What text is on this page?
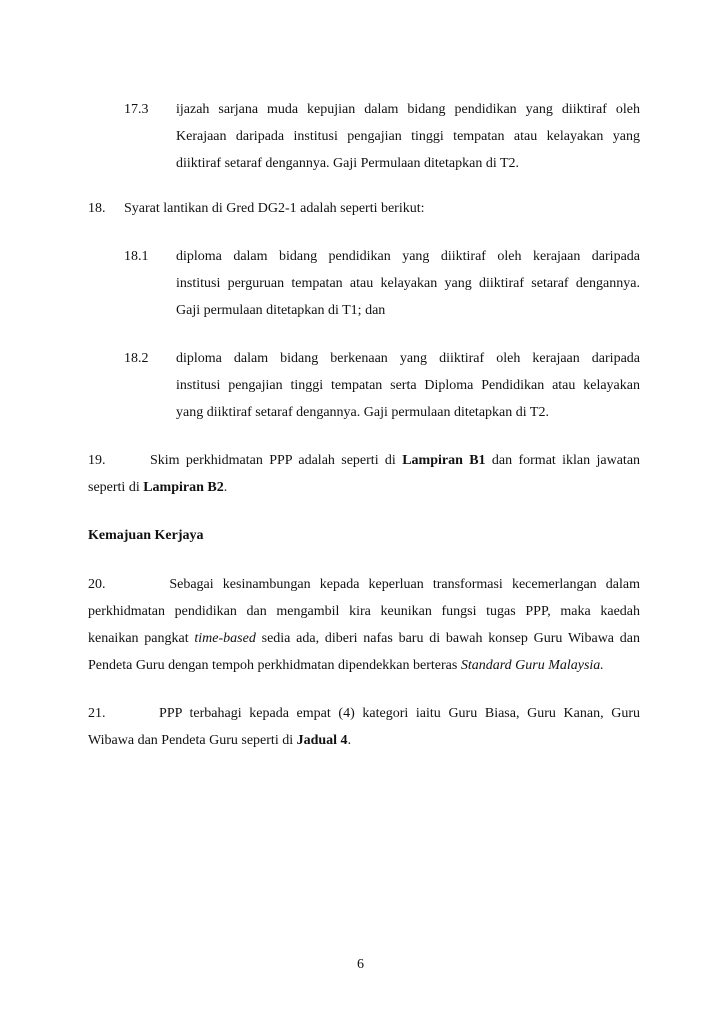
17.3 ijazah sarjana muda kepujian dalam bidang pendidikan yang diiktiraf oleh
Kerajaan daripada institusi pengajian tinggi tempatan atau kelayakan yang
diiktiraf setaraf dengannya. Gaji Permulaan ditetapkan di T2.
18. Syarat lantikan di Gred DG2-1 adalah seperti berikut:
18.1 diploma dalam bidang pendidikan yang diiktiraf oleh kerajaan daripada
institusi perguruan tempatan atau kelayakan yang diiktiraf setaraf dengannya.
Gaji permulaan ditetapkan di T1; dan
18.2 diploma dalam bidang berkenaan yang diiktiraf oleh kerajaan daripada
institusi pengajian tinggi tempatan serta Diploma Pendidikan atau kelayakan
yang diiktiraf setaraf dengannya. Gaji permulaan ditetapkan di T2.
19.	Skim perkhidmatan PPP adalah seperti di Lampiran B1 dan format iklan jawatan
seperti di Lampiran B2.
Kemajuan Kerjaya
20.	Sebagai kesinambungan kepada keperluan transformasi kecemerlangan dalam
perkhidmatan pendidikan dan mengambil kira keunikan fungsi tugas PPP, maka kaedah
kenaikan pangkat time-based sedia ada, diberi nafas baru di bawah konsep Guru Wibawa dan
Pendeta Guru dengan tempoh perkhidmatan dipendekkan berteras Standard Guru Malaysia.
21.	PPP terbahagi kepada empat (4) kategori iaitu Guru Biasa, Guru Kanan, Guru
Wibawa dan Pendeta Guru seperti di Jadual 4.
6
